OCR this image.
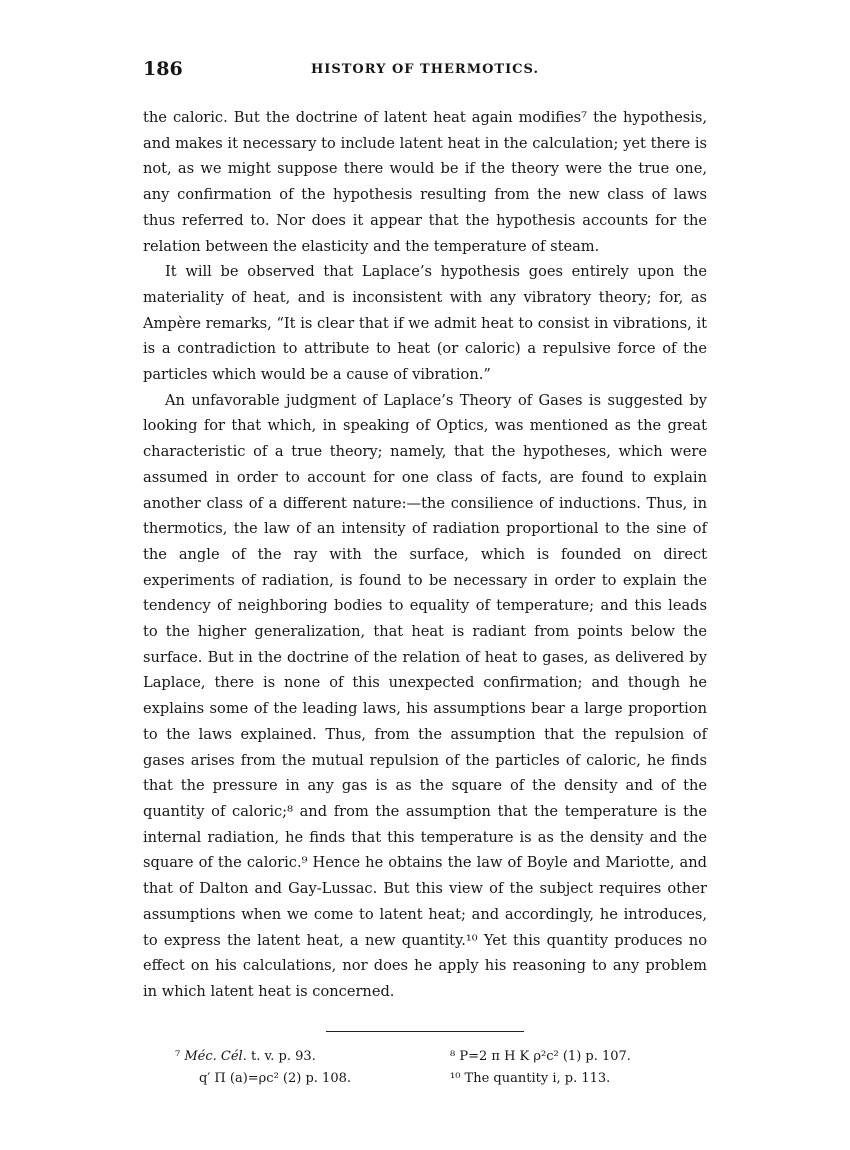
186	HISTORY OF THERMOTICS.

the caloric. But the doctrine of latent heat again modifies⁷ the hypothesis, and makes it necessary to include latent heat in the calculation; yet there is not, as we might suppose there would be if the theory were the true one, any confirmation of the hypothesis resulting from the new class of laws thus referred to. Nor does it appear that the hypothesis accounts for the relation between the elasticity and the temperature of steam.

It will be observed that Laplace’s hypothesis goes entirely upon the materiality of heat, and is inconsistent with any vibratory theory; for, as Ampère remarks, “It is clear that if we admit heat to consist in vibrations, it is a contradiction to attribute to heat (or caloric) a repulsive force of the particles which would be a cause of vibration.”

An unfavorable judgment of Laplace’s Theory of Gases is suggested by looking for that which, in speaking of Optics, was mentioned as the great characteristic of a true theory; namely, that the hypotheses, which were assumed in order to account for one class of facts, are found to explain another class of a different nature:—the consilience of inductions. Thus, in thermotics, the law of an intensity of radiation proportional to the sine of the angle of the ray with the surface, which is founded on direct experiments of radiation, is found to be necessary in order to explain the tendency of neighboring bodies to equality of temperature; and this leads to the higher generalization, that heat is radiant from points below the surface. But in the doctrine of the relation of heat to gases, as delivered by Laplace, there is none of this unexpected confirmation; and though he explains some of the leading laws, his assumptions bear a large proportion to the laws explained. Thus, from the assumption that the repulsion of gases arises from the mutual repulsion of the particles of caloric, he finds that the pressure in any gas is as the square of the density and of the quantity of caloric;⁸ and from the assumption that the temperature is the internal radiation, he finds that this temperature is as the density and the square of the caloric.⁹ Hence he obtains the law of Boyle and Mariotte, and that of Dalton and Gay-Lussac. But this view of the subject requires other assumptions when we come to latent heat; and accordingly, he introduces, to express the latent heat, a new quantity.¹⁰ Yet this quantity produces no effect on his calculations, nor does he apply his reasoning to any problem in which latent heat is concerned.

⁷ Méc. Cél. t. v. p. 93.
q′ Π (a)=ρc² (2) p. 108.
⁸ P=2 π H K ρ²c² (1) p. 107.
¹⁰ The quantity i, p. 113.
